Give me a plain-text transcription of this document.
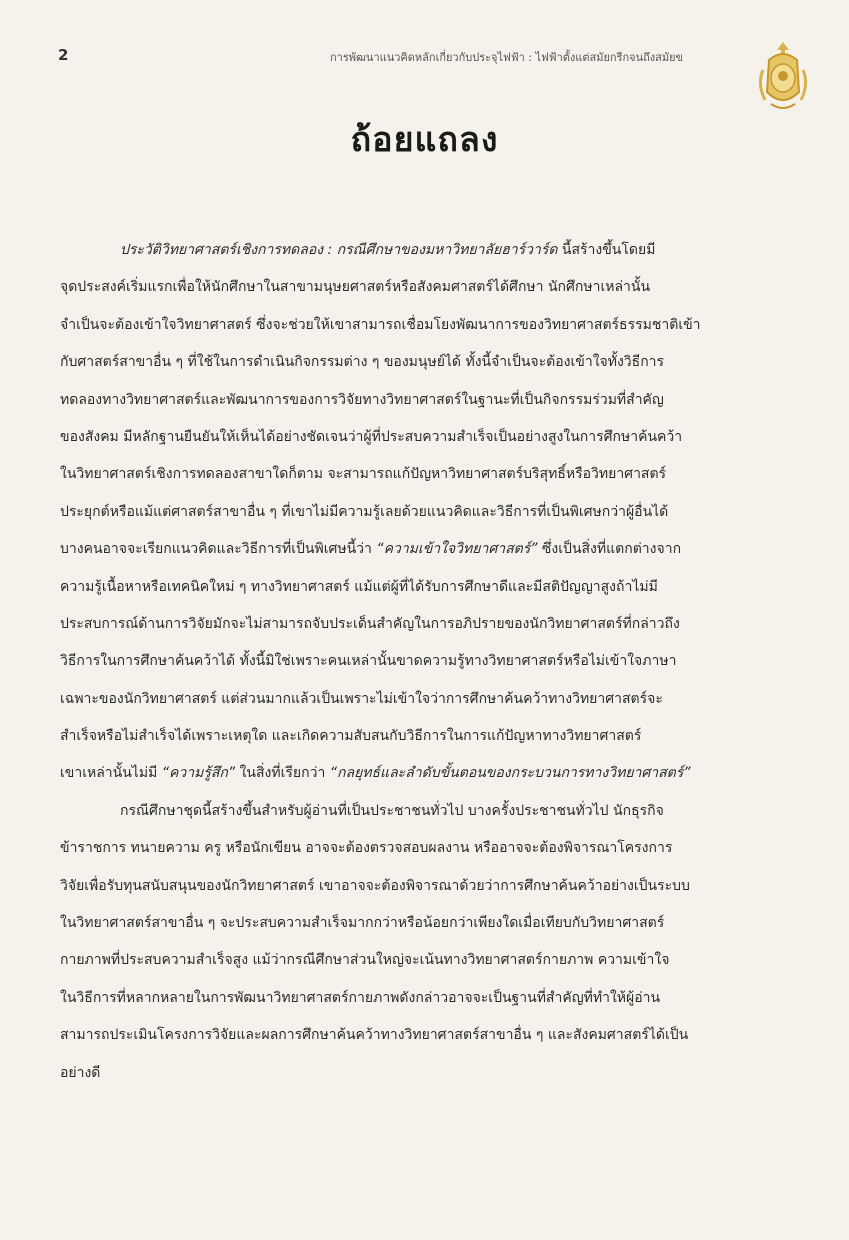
2	การพัฒนาแนวคิดหลักเกี่ยวกับประจุไฟฟ้า : ไฟฟ้าตั้งแต่สมัยกรีกจนถึงสมัยข
ถ้อยแถลง
ประวัติวิทยาศาสตร์เชิงการทดลอง : กรณีศึกษาของมหาวิทยาลัยฮาร์วาร์ด นี้สร้างขึ้นโดยมี
จุดประสงค์เริ่มแรกเพื่อให้นักศึกษาในสาขามนุษยศาสตร์หรือสังคมศาสตร์ได้ศึกษา นักศึกษาเหล่านั้น
จำเป็นจะต้องเข้าใจวิทยาศาสตร์ ซึ่งจะช่วยให้เขาสามารถเชื่อมโยงพัฒนาการของวิทยาศาสตร์ธรรมชาติเข้า
กับศาสตร์สาขาอื่น ๆ ที่ใช้ในการดำเนินกิจกรรมต่าง ๆ ของมนุษย์ได้ ทั้งนี้จำเป็นจะต้องเข้าใจทั้งวิธีการ
ทดลองทางวิทยาศาสตร์และพัฒนาการของการวิจัยทางวิทยาศาสตร์ในฐานะที่เป็นกิจกรรมร่วมที่สำคัญ
ของสังคม มีหลักฐานยืนยันให้เห็นได้อย่างชัดเจนว่าผู้ที่ประสบความสำเร็จเป็นอย่างสูงในการศึกษาค้นคว้า
ในวิทยาศาสตร์เชิงการทดลองสาขาใดก็ตาม จะสามารถแก้ปัญหาวิทยาศาสตร์บริสุทธิ์หรือวิทยาศาสตร์
ประยุกต์หรือแม้แต่ศาสตร์สาขาอื่น ๆ ที่เขาไม่มีความรู้เลยด้วยแนวคิดและวิธีการที่เป็นพิเศษกว่าผู้อื่นได้
บางคนอาจจะเรียกแนวคิดและวิธีการที่เป็นพิเศษนี้ว่า “ความเข้าใจวิทยาศาสตร์” ซึ่งเป็นสิ่งที่แตกต่างจาก
ความรู้เนื้อหาหรือเทคนิคใหม่ ๆ ทางวิทยาศาสตร์ แม้แต่ผู้ที่ได้รับการศึกษาดีและมีสติปัญญาสูงถ้าไม่มี
ประสบการณ์ด้านการวิจัยมักจะไม่สามารถจับประเด็นสำคัญในการอภิปรายของนักวิทยาศาสตร์ที่กล่าวถึง
วิธีการในการศึกษาค้นคว้าได้ ทั้งนี้มิใช่เพราะคนเหล่านั้นขาดความรู้ทางวิทยาศาสตร์หรือไม่เข้าใจภาษา
เฉพาะของนักวิทยาศาสตร์ แต่ส่วนมากแล้วเป็นเพราะไม่เข้าใจว่าการศึกษาค้นคว้าทางวิทยาศาสตร์จะ
สำเร็จหรือไม่สำเร็จได้เพราะเหตุใด และเกิดความสับสนกับวิธีการในการแก้ปัญหาทางวิทยาศาสตร์
เขาเหล่านั้นไม่มี “ความรู้สึก” ในสิ่งที่เรียกว่า “กลยุทธ์และลำดับขั้นตอนของกระบวนการทางวิทยาศาสตร์”
กรณีศึกษาชุดนี้สร้างขึ้นสำหรับผู้อ่านที่เป็นประชาชนทั่วไป บางครั้งประชาชนทั่วไป นักธุรกิจ
ข้าราชการ ทนายความ ครู หรือนักเขียน อาจจะต้องตรวจสอบผลงาน หรืออาจจะต้องพิจารณาโครงการ
วิจัยเพื่อรับทุนสนับสนุนของนักวิทยาศาสตร์ เขาอาจจะต้องพิจารณาด้วยว่าการศึกษาค้นคว้าอย่างเป็นระบบ
ในวิทยาศาสตร์สาขาอื่น ๆ จะประสบความสำเร็จมากกว่าหรือน้อยกว่าเพียงใดเมื่อเทียบกับวิทยาศาสตร์
กายภาพที่ประสบความสำเร็จสูง แม้ว่ากรณีศึกษาส่วนใหญ่จะเน้นทางวิทยาศาสตร์กายภาพ ความเข้าใจ
ในวิธีการที่หลากหลายในการพัฒนาวิทยาศาสตร์กายภาพดังกล่าวอาจจะเป็นฐานที่สำคัญที่ทำให้ผู้อ่าน
สามารถประเมินโครงการวิจัยและผลการศึกษาค้นคว้าทางวิทยาศาสตร์สาขาอื่น ๆ และสังคมศาสตร์ได้เป็น
อย่างดี
